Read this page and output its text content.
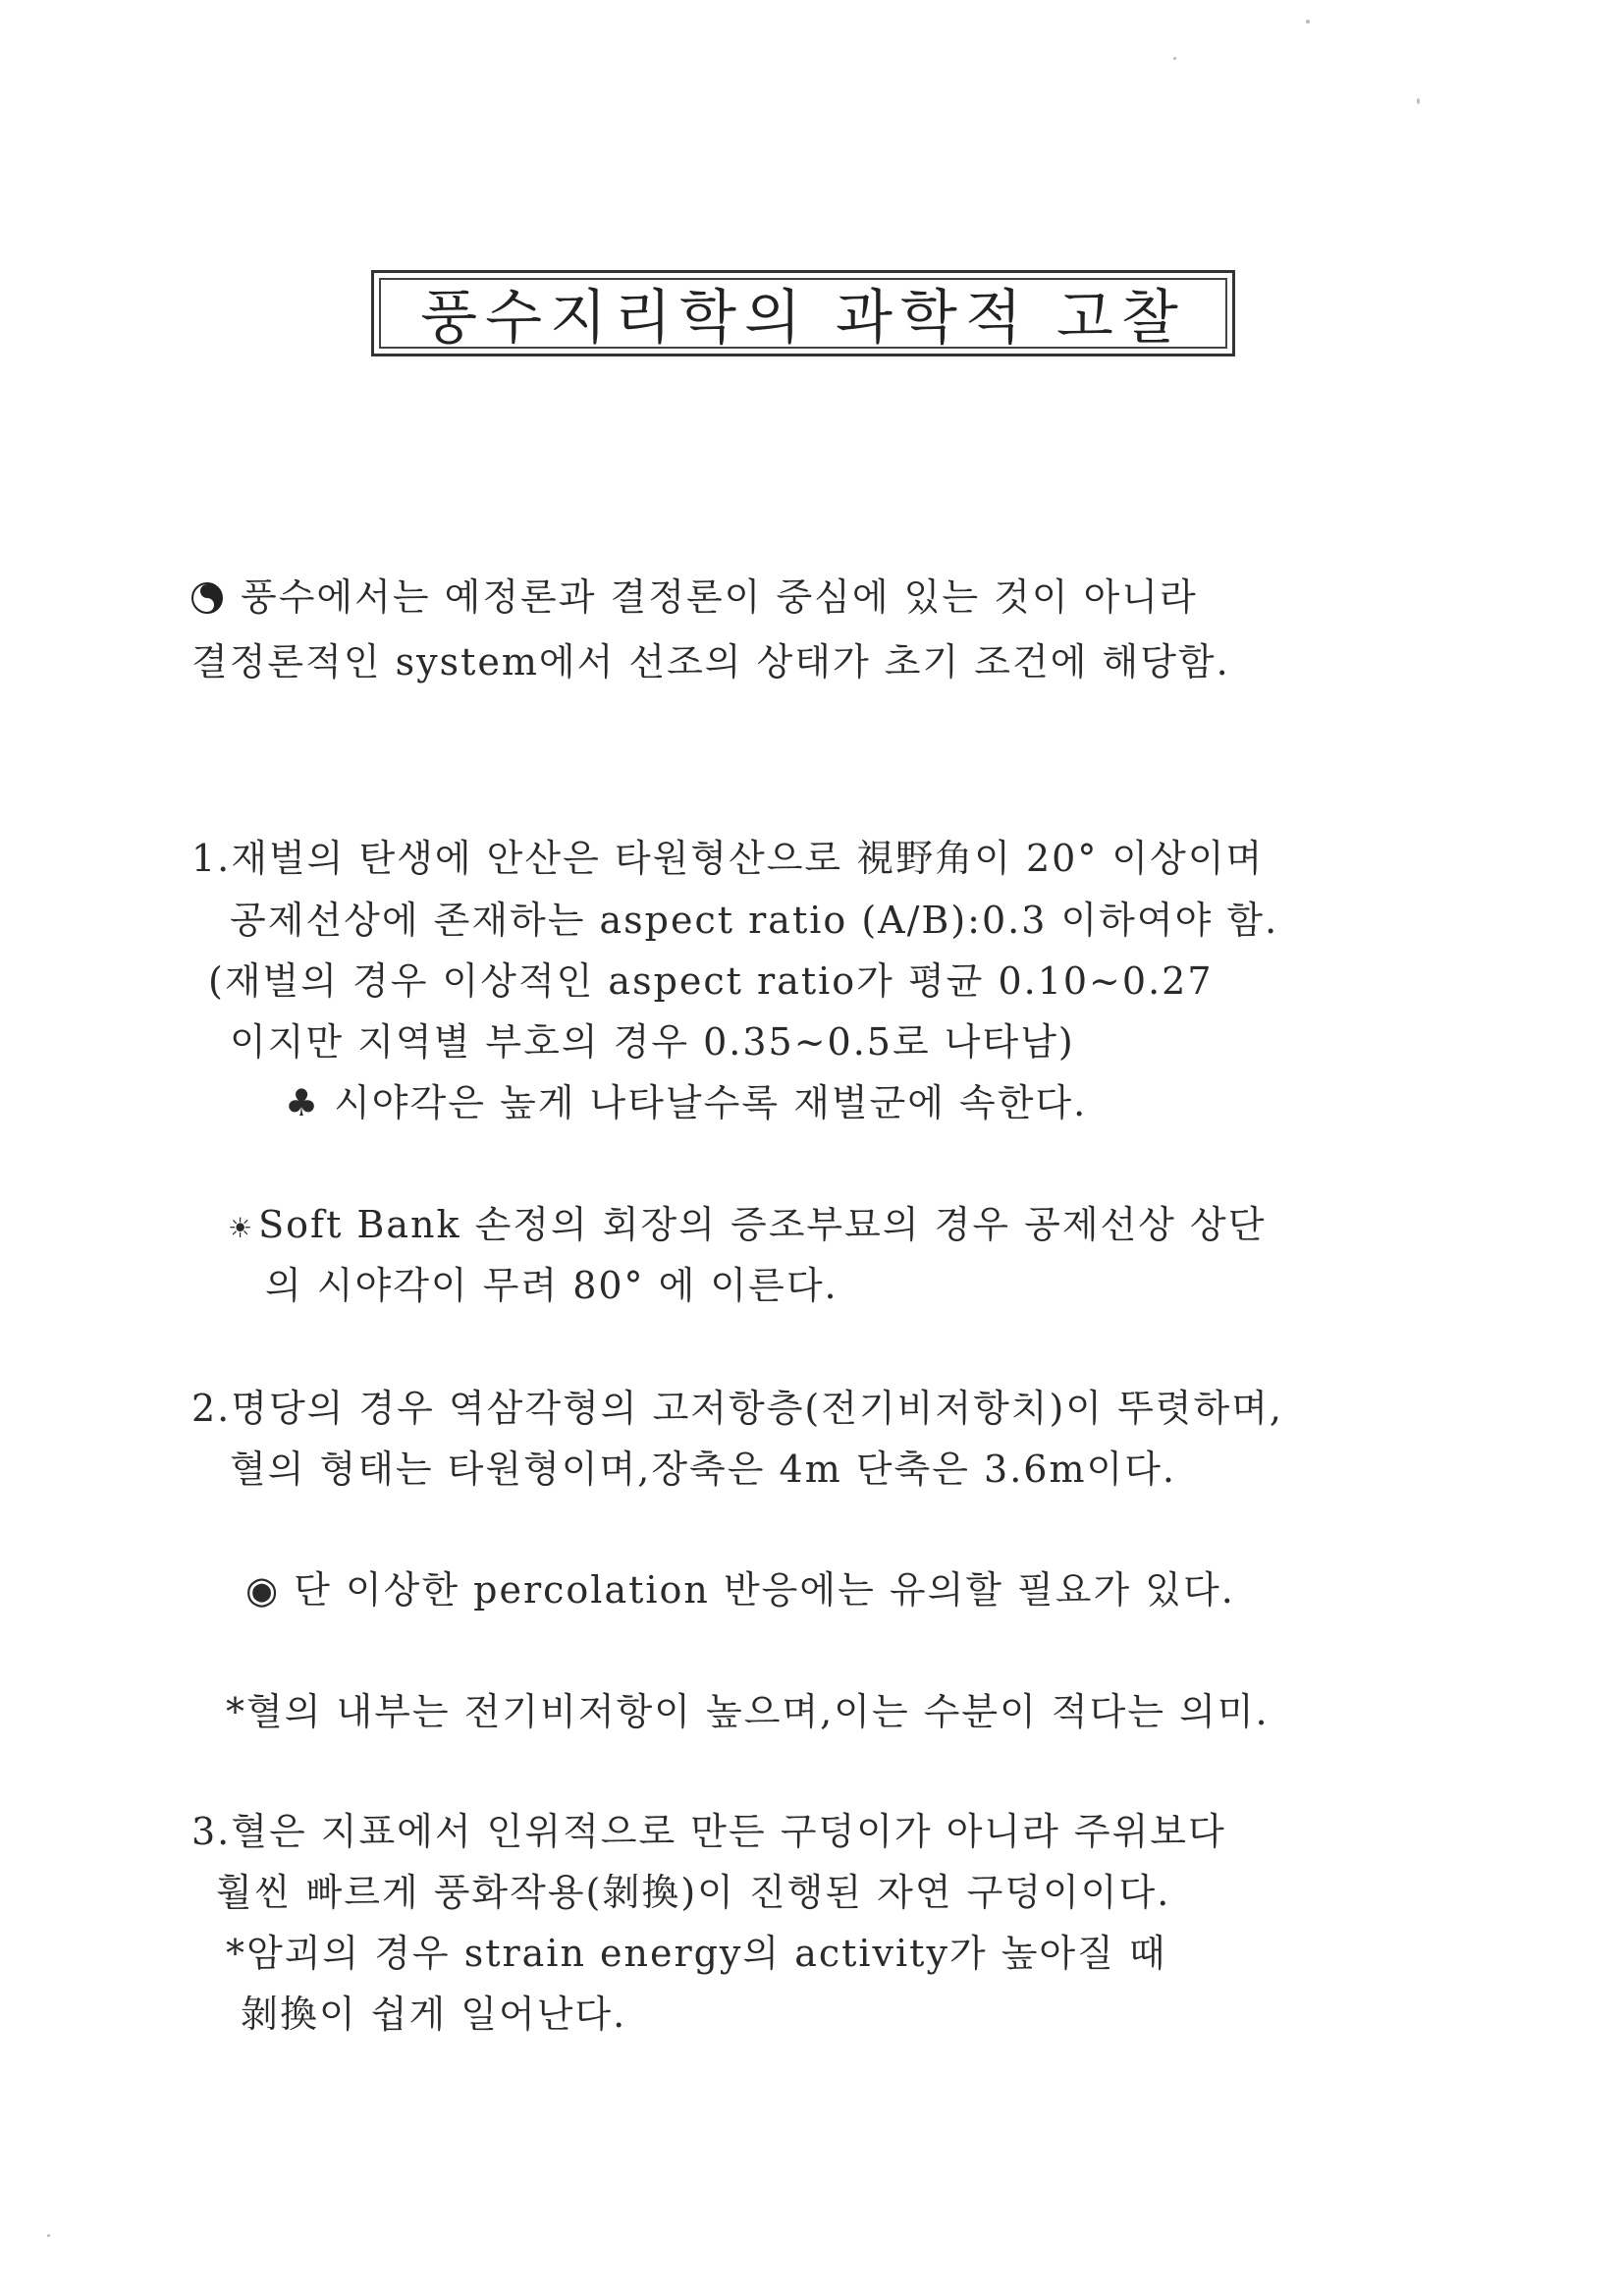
풍수지리학의 과학적 고찰
풍수에서는 예정론과 결정론이 중심에 있는 것이 아니라
결정론적인 system에서 선조의 상태가 초기 조건에 해당함.
1.재벌의 탄생에 안산은 타원형산으로 視野角이 20° 이상이며
공제선상에 존재하는 aspect ratio (A/B):0.3 이하여야 함.
(재벌의 경우 이상적인 aspect ratio가 평균 0.10~0.27
이지만 지역별 부호의 경우 0.35~0.5로 나타남)
♣ 시야각은 높게 나타날수록 재벌군에 속한다.
☀ Soft Bank 손정의 회장의 증조부묘의 경우 공제선상 상단
의 시야각이 무려 80° 에 이른다.
2.명당의 경우 역삼각형의 고저항층(전기비저항치)이 뚜렷하며,
혈의 형태는 타원형이며,장축은 4m 단축은 3.6m이다.
◉ 단 이상한 percolation 반응에는 유의할 필요가 있다.
*혈의 내부는 전기비저항이 높으며,이는 수분이 적다는 의미.
3.혈은 지표에서 인위적으로 만든 구덩이가 아니라 주위보다
훨씬 빠르게 풍화작용(剝換)이 진행된 자연 구덩이이다.
*암괴의 경우 strain energy의 activity가 높아질 때
剝換이 쉽게 일어난다.
